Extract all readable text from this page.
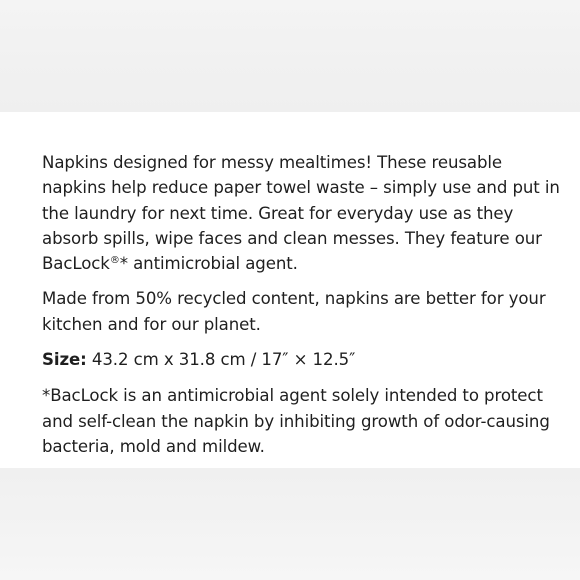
Napkins designed for messy mealtimes! These reusable napkins help reduce paper towel waste – simply use and put in the laundry for next time. Great for everyday use as they absorb spills, wipe faces and clean messes. They feature our BacLock®* antimicrobial agent.

Made from 50% recycled content, napkins are better for your kitchen and for our planet.

Size: 43.2 cm x 31.8 cm / 17″ × 12.5″

*BacLock is an antimicrobial agent solely intended to protect and self-clean the napkin by inhibiting growth of odor-causing bacteria, mold and mildew.
